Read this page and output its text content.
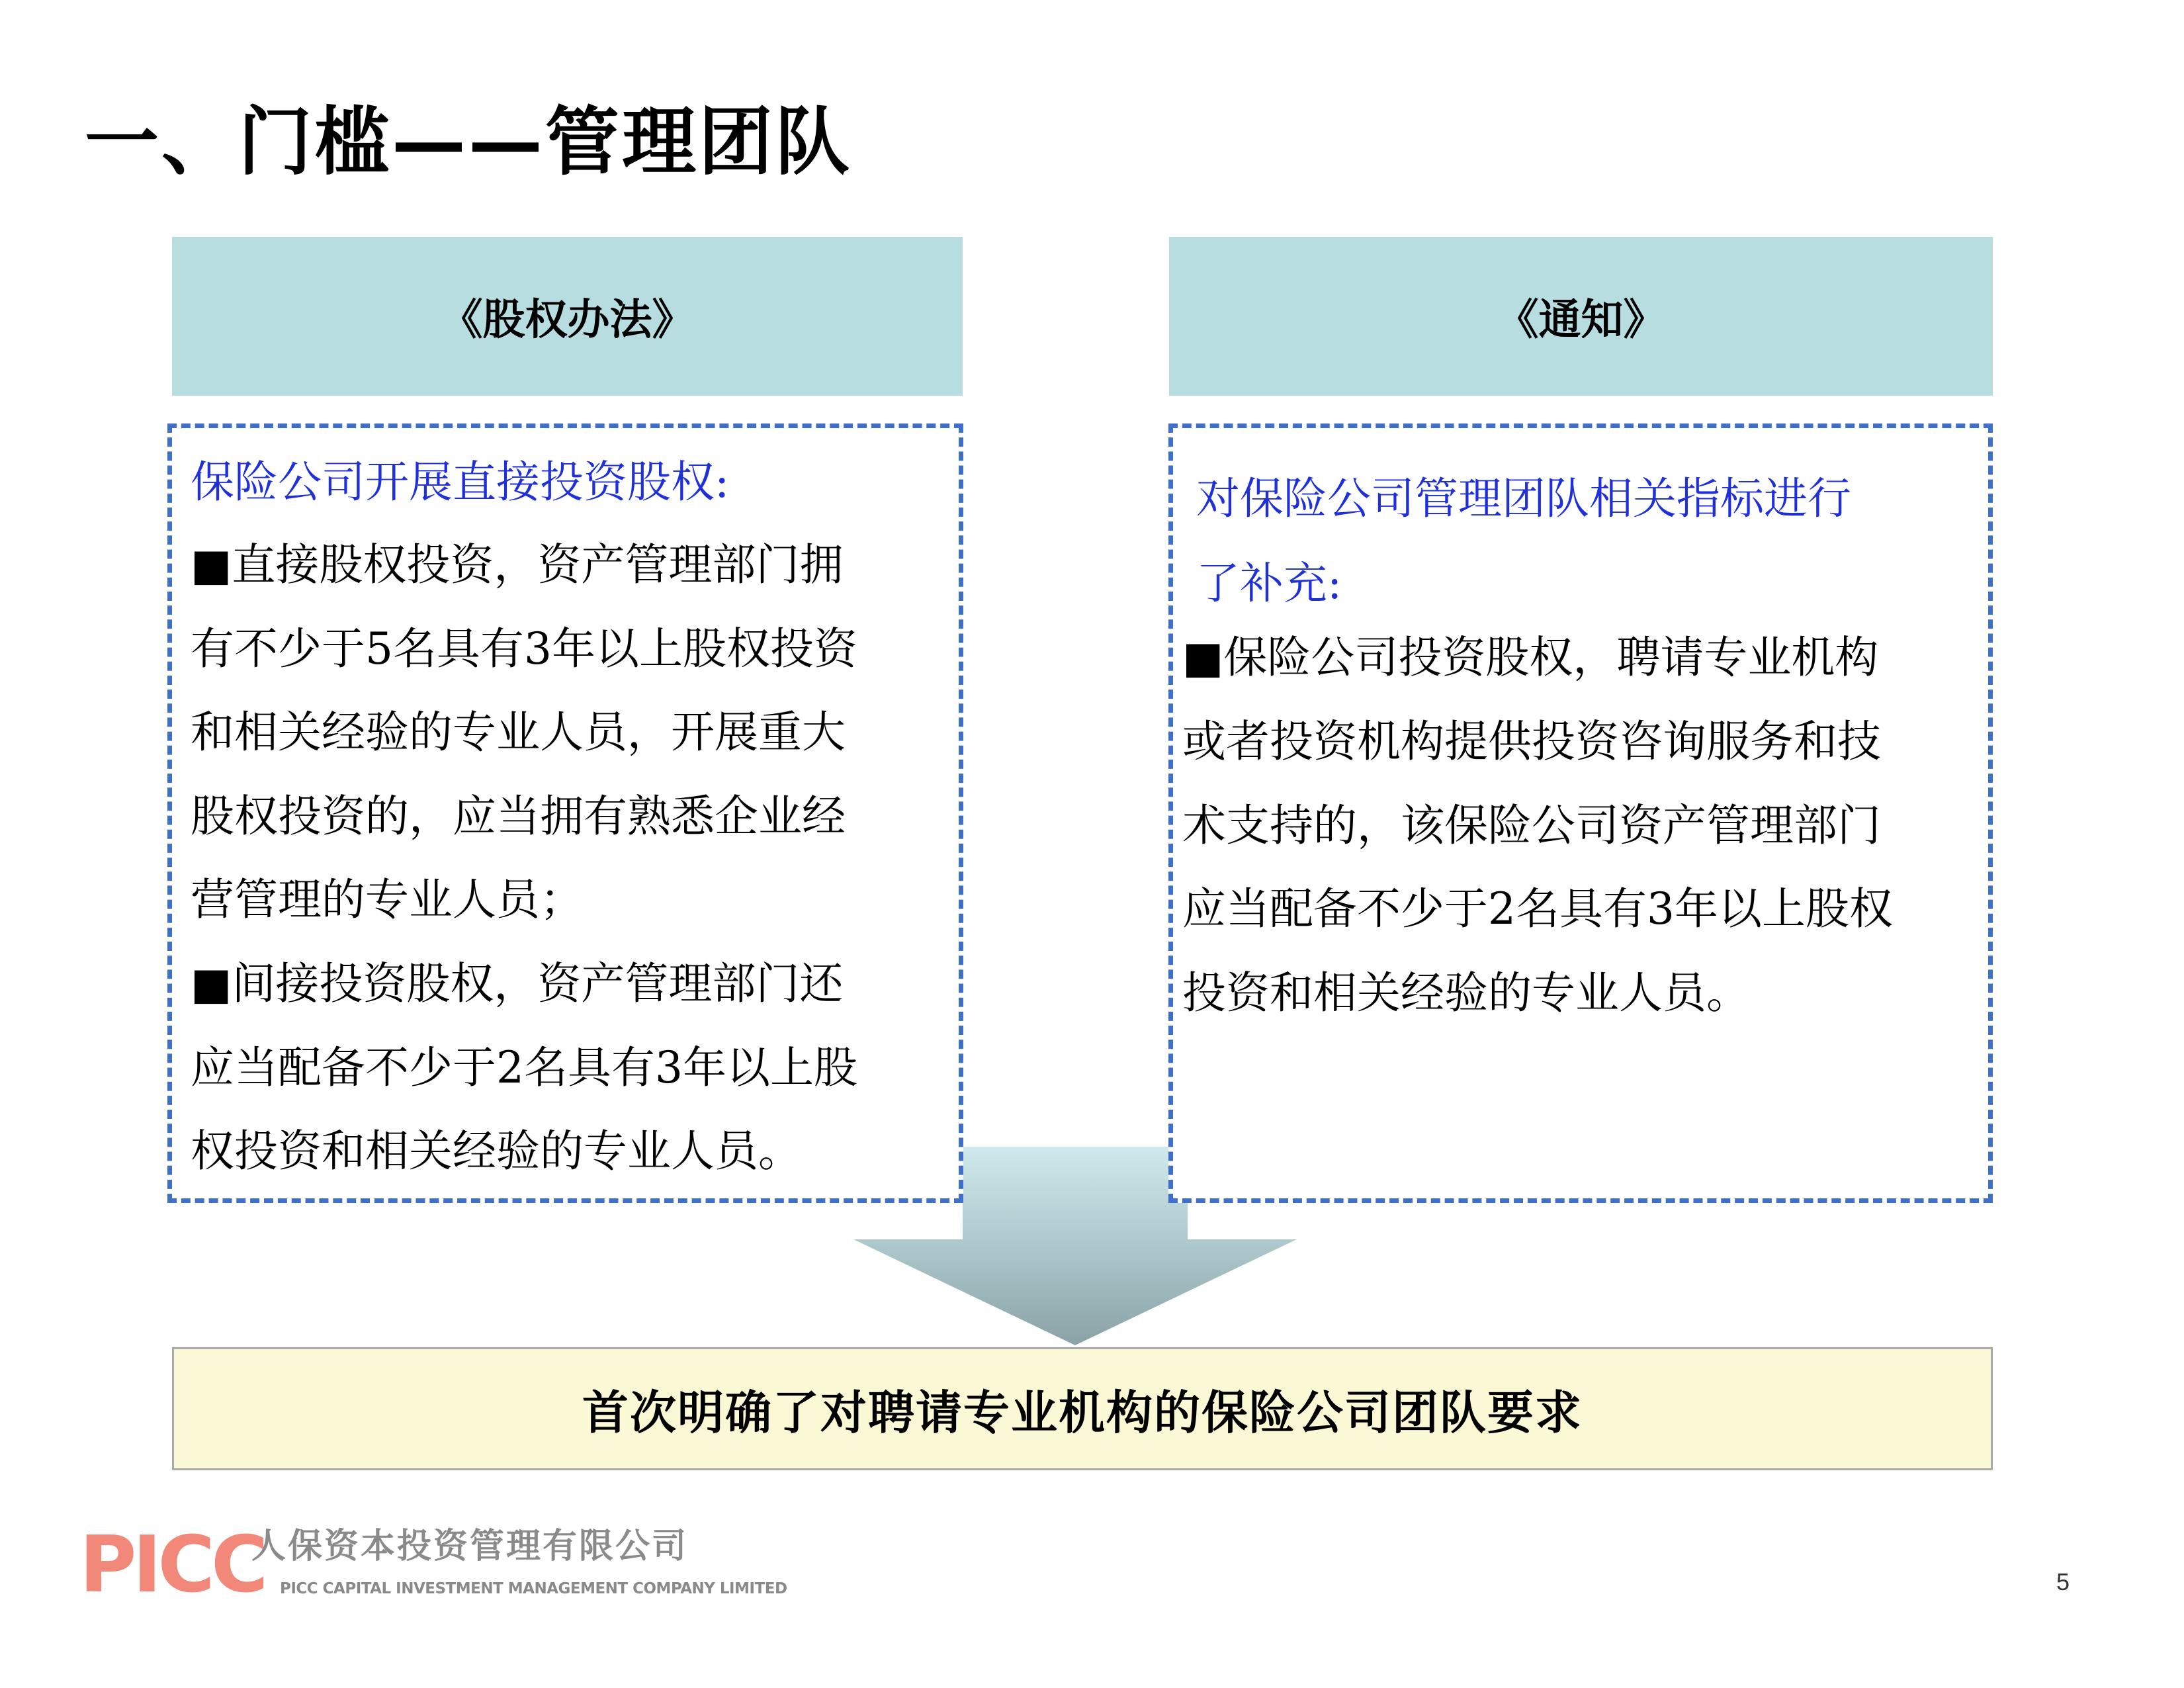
一、门槛——管理团队
《股权办法》	《通知》
保险公司开展直接投资股权:
■直接股权投资，资产管理部门拥
有不少于5名具有3年以上股权投资
和相关经验的专业人员，开展重大
股权投资的，应当拥有熟悉企业经
营管理的专业人员；
■间接投资股权，资产管理部门还
应当配备不少于2名具有3年以上股
权投资和相关经验的专业人员。
对保险公司管理团队相关指标进行
了补充:
■保险公司投资股权，聘请专业机构
或者投资机构提供投资咨询服务和技
术支持的，该保险公司资产管理部门
应当配备不少于2名具有3年以上股权
投资和相关经验的专业人员。
首次明确了对聘请专业机构的保险公司团队要求
PICC
人保资本投资管理有限公司
PICC CAPITAL INVESTMENT MANAGEMENT COMPANY LIMITED	5
